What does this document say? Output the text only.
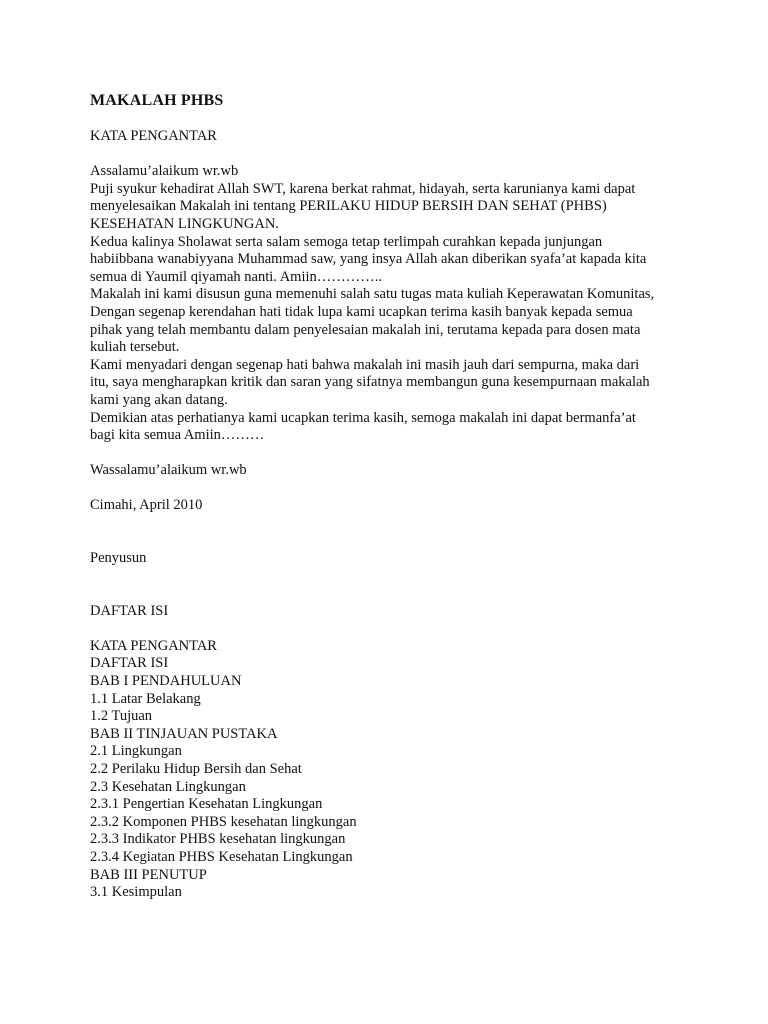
MAKALAH PHBS

KATA PENGANTAR

Assalamu’alaikum wr.wb

Puji syukur kehadirat Allah SWT, karena berkat rahmat, hidayah, serta karunianya kami dapat
menyelesaikan Makalah ini tentang PERILAKU HIDUP BERSIH DAN SEHAT (PHBS)
KESEHATAN LINGKUNGAN.
Kedua kalinya Sholawat serta salam semoga tetap terlimpah curahkan kepada junjungan
habiibbana wanabiyyana Muhammad saw, yang insya Allah akan diberikan syafa’at kapada kita
semua di Yaumil qiyamah nanti. Amiin…………..
Makalah ini kami disusun guna memenuhi salah satu tugas mata kuliah Keperawatan Komunitas,
Dengan segenap kerendahan hati tidak lupa kami ucapkan terima kasih banyak kepada semua
pihak yang telah membantu dalam penyelesaian makalah ini, terutama kepada para dosen mata
kuliah tersebut.
Kami menyadari dengan segenap hati bahwa makalah ini masih jauh dari sempurna, maka dari
itu, saya mengharapkan kritik dan saran yang sifatnya membangun guna kesempurnaan makalah
kami yang akan datang.
Demikian atas perhatianya kami ucapkan terima kasih, semoga makalah ini dapat bermanfa’at
bagi kita semua Amiin………

Wassalamu’alaikum wr.wb

Cimahi, April 2010

Penyusun

DAFTAR ISI

KATA PENGANTAR
DAFTAR ISI
BAB I PENDAHULUAN
1.1 Latar Belakang
1.2 Tujuan
BAB II TINJAUAN PUSTAKA
2.1 Lingkungan
2.2 Perilaku Hidup Bersih dan Sehat
2.3 Kesehatan Lingkungan
2.3.1 Pengertian Kesehatan Lingkungan
2.3.2 Komponen PHBS kesehatan lingkungan
2.3.3 Indikator PHBS kesehatan lingkungan
2.3.4 Kegiatan PHBS Kesehatan Lingkungan
BAB III PENUTUP
3.1 Kesimpulan
